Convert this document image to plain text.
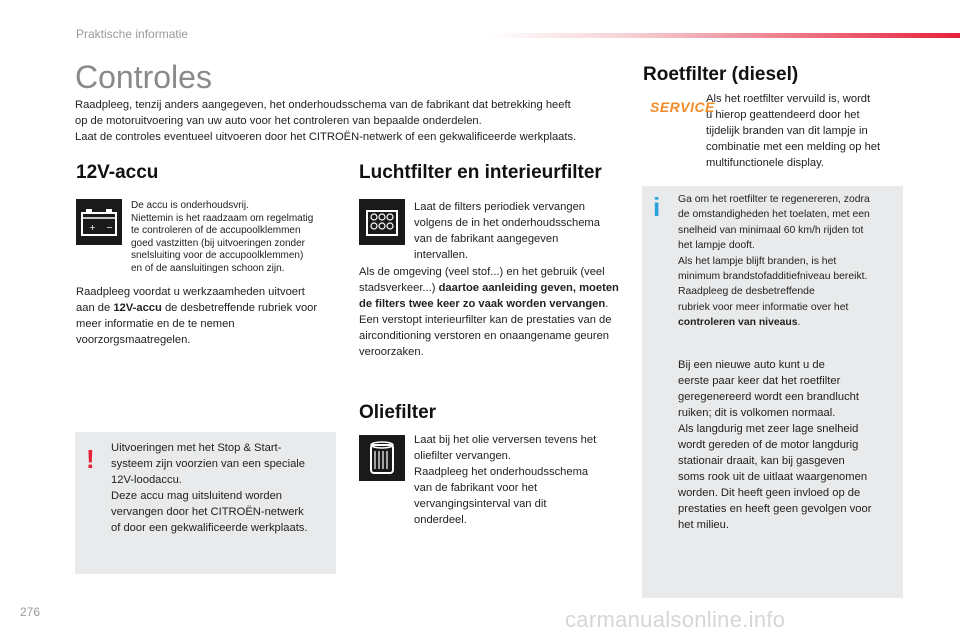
Praktische informatie
Controles

Raadpleeg, tenzij anders aangegeven, het onderhoudsschema van de fabrikant dat betrekking heeft

op de motoruitvoering van uw auto voor het controleren van bepaalde onderdelen.

Laat de controles eventueel uitvoeren door het CITROËN-netwerk of een gekwalificeerde werkplaats.

12V-accu
+ −
De accu is onderhoudsvrij.
Niettemin is het raadzaam om regelmatig
te controleren of de accupoolklemmen
goed vastzitten (bij uitvoeringen zonder
snelsluiting voor de accupoolklemmen)
en of de aansluitingen schoon zijn.
Raadpleeg voordat u werkzaamheden uitvoert aan de 12V-accu de desbetreffende rubriek voor meer informatie en de te nemen voorzorgsmaatregelen.
! Uitvoeringen met het Stop & Start-

systeem zijn voorzien van een speciale

12V-loodaccu.

Deze accu mag uitsluitend worden

vervangen door het CITROËN-netwerk

of door een gekwalificeerde werkplaats.

Luchtfilter en interieurfilter
Laat de filters periodiek vervangen
volgens de in het onderhoudsschema
van de fabrikant aangegeven
intervallen.
Als de omgeving (veel stof...) en het gebruik (veel stadsverkeer...) daartoe aanleiding geven, moeten de filters twee keer zo vaak worden vervangen.
Een verstopt interieurfilter kan de prestaties van de airconditioning verstoren en onaangename geuren veroorzaken.
Oliefilter
Laat bij het olie verversen tevens het
oliefilter vervangen.
Raadpleeg het onderhoudsschema
van de fabrikant voor het
vervangingsinterval van dit
onderdeel.
Roetfilter (diesel)
SERVICE
Als het roetfilter vervuild is, wordt
u hierop geattendeerd door het
tijdelijk branden van dit lampje in
combinatie met een melding op het
multifunctionele display.
i Ga om het roetfilter te regenereren, zodra

de omstandigheden het toelaten, met een

snelheid van minimaal 60 km/h rijden tot

het lampje dooft.

Als het lampje blijft branden, is het

minimum brandstofadditiefniveau bereikt.

Raadpleeg de desbetreffende

rubriek voor meer informatie over het

controleren van niveaus.

Bij een nieuwe auto kunt u de

eerste paar keer dat het roetfilter

geregenereerd wordt een brandlucht

ruiken; dit is volkomen normaal.

Als langdurig met zeer lage snelheid

wordt gereden of de motor langdurig

stationair draait, kan bij gasgeven

soms rook uit de uitlaat waargenomen

worden. Dit heeft geen invloed op de

prestaties en heeft geen gevolgen voor

het milieu.

276	carmanualsonline.info
